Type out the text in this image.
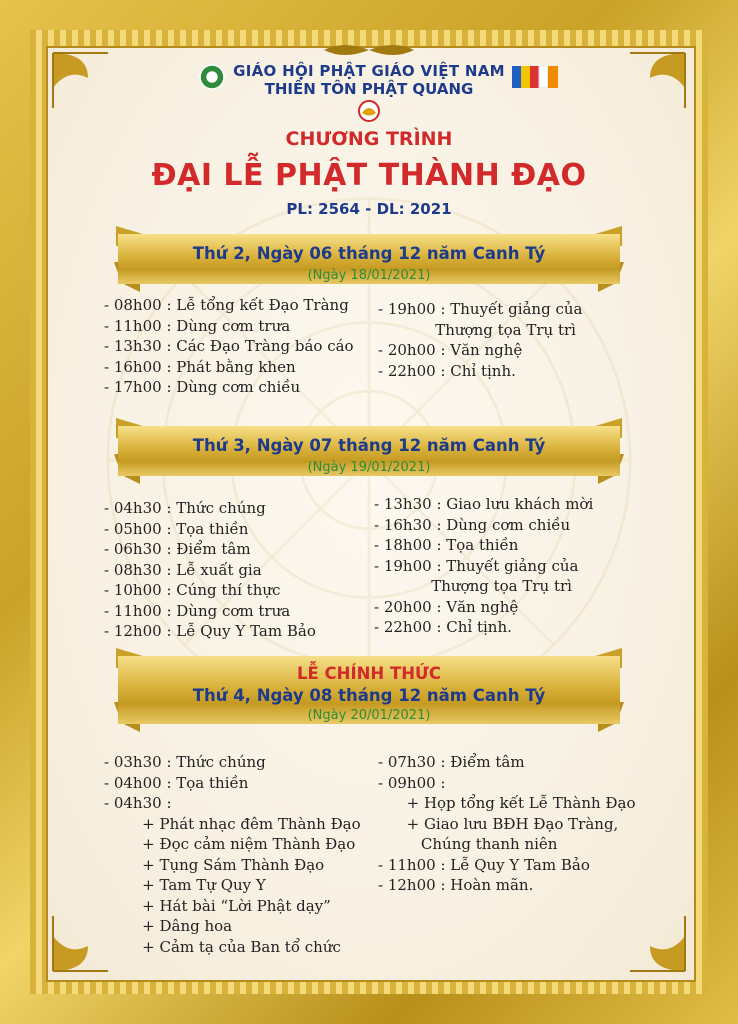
GIÁO HỘI PHẬT GIÁO VIỆT NAM
THIỀN TÔN PHẬT QUANG
CHƯƠNG TRÌNH
ĐẠI LỄ PHẬT THÀNH ĐẠO
PL: 2564 - DL: 2021
Thứ 2, Ngày 06 tháng 12 năm Canh Tý
(Ngày 18/01/2021)
- 08h00 : Lễ tổng kết Đạo Tràng
- 11h00 : Dùng cơm trưa
- 13h30 : Các Đạo Tràng báo cáo
- 16h00 : Phát bằng khen
- 17h00 : Dùng cơm chiều
- 19h00 : Thuyết giảng của
Thượng tọa Trụ trì
- 20h00 : Văn nghệ
- 22h00 : Chỉ tịnh.
Thứ 3, Ngày 07 tháng 12 năm Canh Tý
(Ngày 19/01/2021)
- 04h30 : Thức chúng
- 05h00 : Tọa thiền
- 06h30 : Điểm tâm
- 08h30 : Lễ xuất gia
- 10h00 : Cúng thí thực
- 11h00 : Dùng cơm trưa
- 12h00 : Lễ Quy Y Tam Bảo
- 13h30 : Giao lưu khách mời
- 16h30 : Dùng cơm chiều
- 18h00 : Tọa thiền
- 19h00 : Thuyết giảng của
Thượng tọa Trụ trì
- 20h00 : Văn nghệ
- 22h00 : Chỉ tịnh.
LỄ CHÍNH THỨC
Thứ 4, Ngày 08 tháng 12 năm Canh Tý
(Ngày 20/01/2021)
- 03h30 : Thức chúng
- 04h00 : Tọa thiền
- 04h30 :
+ Phát nhạc đêm Thành Đạo
+ Đọc cảm niệm Thành Đạo
+ Tụng Sám Thành Đạo
+ Tam Tự Quy Y
+ Hát bài “Lời Phật dạy”
+ Dâng hoa
+ Cảm tạ của Ban tổ chức
- 07h30 : Điểm tâm
- 09h00 :
+ Họp tổng kết Lễ Thành Đạo
+ Giao lưu BĐH Đạo Tràng,
Chúng thanh niên
- 11h00 : Lễ Quy Y Tam Bảo
- 12h00 : Hoàn mãn.
